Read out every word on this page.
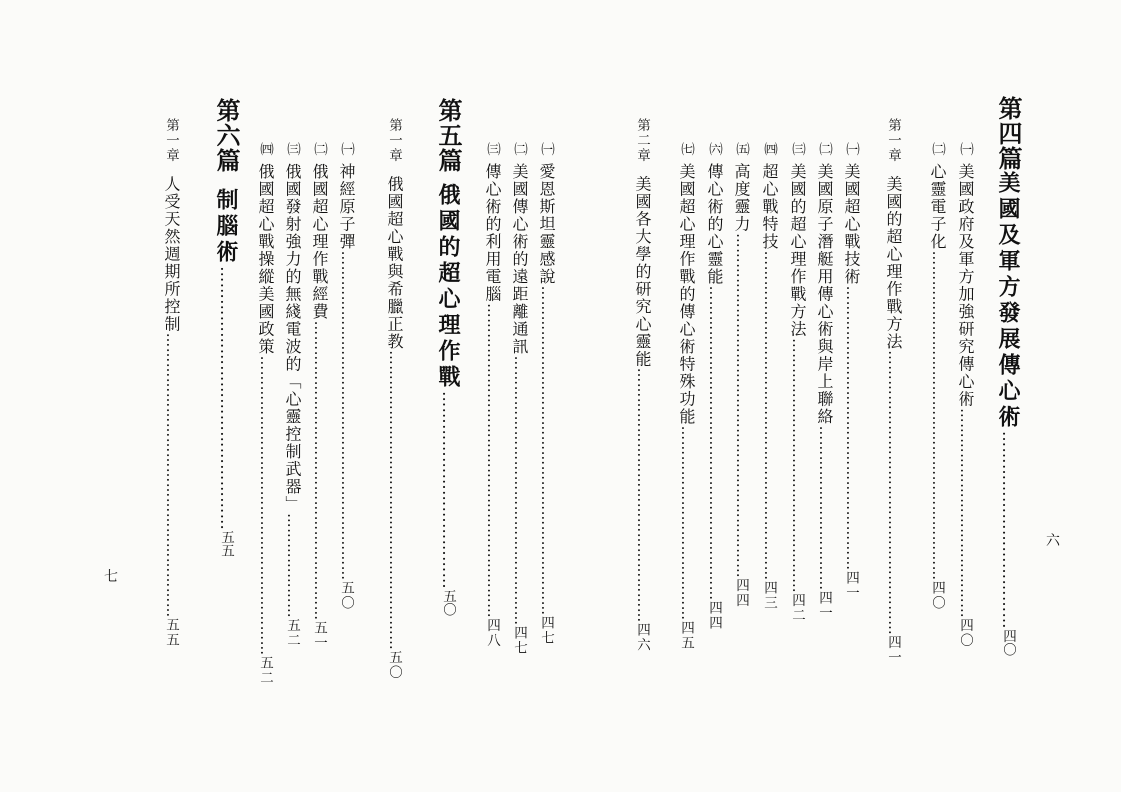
六
七
第四篇美國及軍方發展傳心術………………………………四〇
㈠ 美國政府及軍方加強研究傳心術……………………………………四〇
㈡ 心靈電子化…………………………………………………………四〇
第一章  美國的超心理作戰方法…………………………………………………四一
㈠ 美國超心戰技術…………………………………………………四一
㈡ 美國原子潛艇用傳心術與岸上聯絡……………………………四一
㈢ 美國的超心理作戰方法……………………………………………四二
㈣ 超心戰特技…………………………………………………………四三
㈤ 高度靈力……………………………………………………………四四
㈥ 傳心術的心靈能………………………………………………………四四
㈦ 美國超心理作戰的傳心術特殊功能…………………………………四五
第二章  美國各大學的研究心靈能……………………………………………四六
㈠ 愛恩斯坦靈感說…………………………………………………………四七
㈡ 美國傳心術的遠距離通訊………………………………………………四七
㈢ 傳心術的利用電腦………………………………………………………四八
第五篇  俄國的超心理作戰………………………………五〇
第一章  俄國超心戰與希臘正教……………………………………………………五〇
㈠ 神經原子彈…………………………………………………………五〇
㈡ 俄國超心理作戰經費……………………………………………………五一
㈢ 俄國發射強力的無綫電波的「心靈控制武器」…………………五二
㈣ 俄國超心戰操縱美國政策……………………………………………………五二
第六篇   制腦術…………………………………………五五
第一章  人受天然週期所控制…………………………………………………五五
